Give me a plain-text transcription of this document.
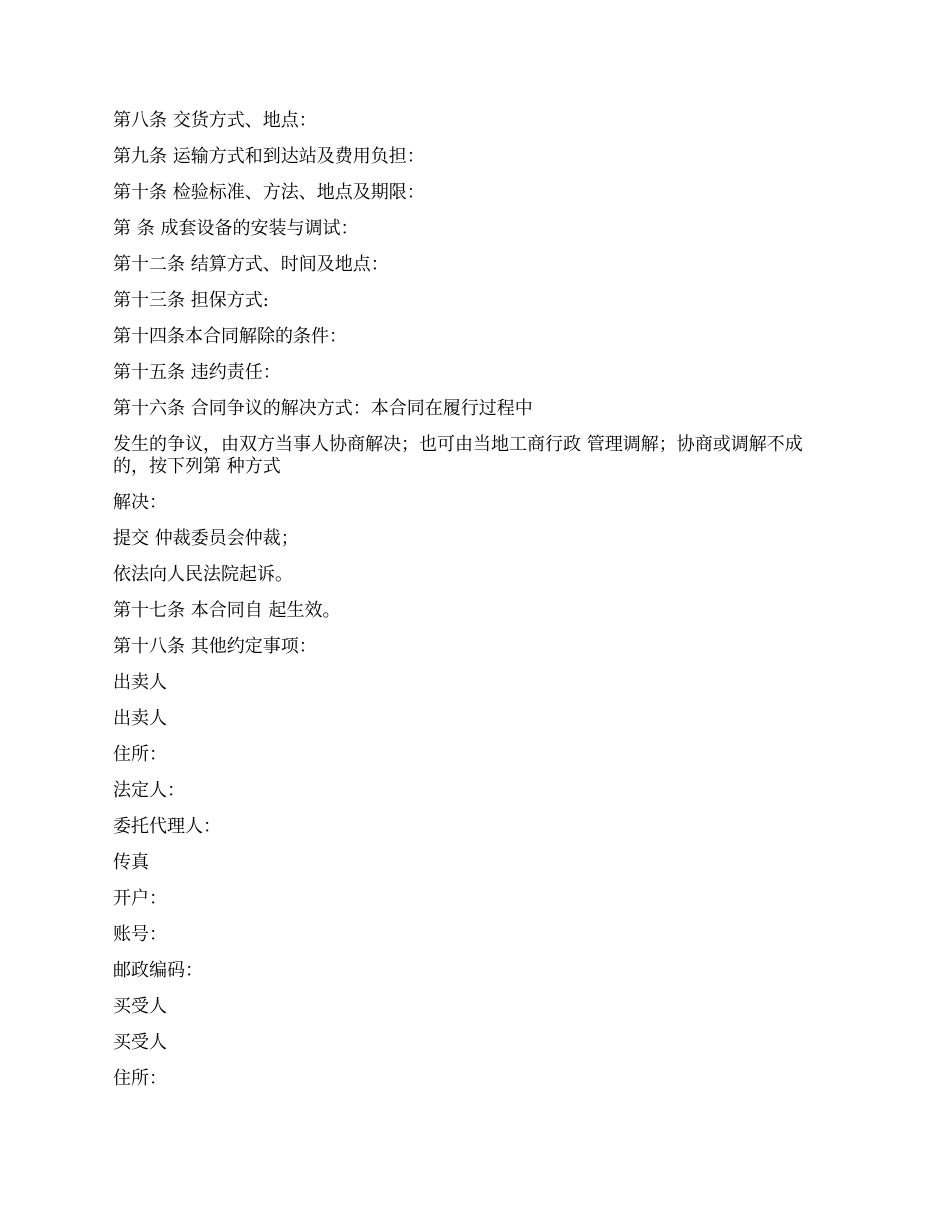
第八条 交货方式、地点：

第九条 运输方式和到达站及费用负担：

第十条 检验标准、方法、地点及期限：

第 条 成套设备的安装与调试：

第十二条 结算方式、时间及地点：

第十三条 担保方式:

第十四条本合同解除的条件：

第十五条 违约责任：

第十六条 合同争议的解决方式：本合同在履行过程中

发生的争议，由双方当事人协商解决；也可由当地工商行政 管理调解；协商或调解不成的，按下列第 种方式

解决：

提交 仲裁委员会仲裁；

依法向人民法院起诉。

第十七条 本合同自 起生效。

第十八条 其他约定事项：

出卖人

出卖人

住所：

法定人：

委托代理人：

传真

开户：

账号：

邮政编码：

买受人

买受人

住所：
